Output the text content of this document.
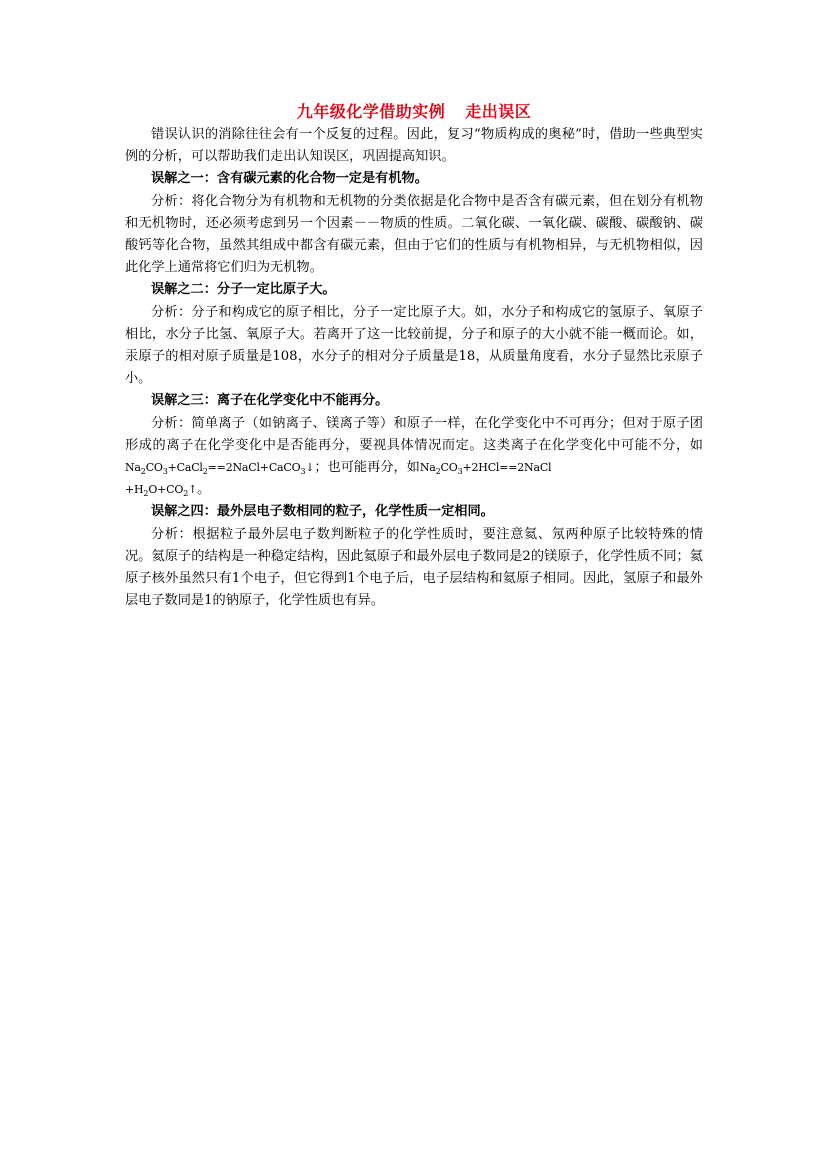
九年级化学借助实例 走出误区

错误认识的消除往往会有一个反复的过程。因此，复习“物质构成的奥秘”时，借助一些典型实例的分析，可以帮助我们走出认知误区，巩固提高知识。

误解之一：含有碳元素的化合物一定是有机物。

分析：将化合物分为有机物和无机物的分类依据是化合物中是否含有碳元素，但在划分有机物和无机物时，还必须考虑到另一个因素－－物质的性质。二氧化碳、一氧化碳、碳酸、碳酸钠、碳酸钙等化合物，虽然其组成中都含有碳元素，但由于它们的性质与有机物相异，与无机物相似，因此化学上通常将它们归为无机物。

误解之二：分子一定比原子大。

分析：分子和构成它的原子相比，分子一定比原子大。如，水分子和构成它的氢原子、氧原子相比，水分子比氢、氧原子大。若离开了这一比较前提，分子和原子的大小就不能一概而论。如，汞原子的相对原子质量是108，水分子的相对分子质量是18，从质量角度看，水分子显然比汞原子小。

误解之三：离子在化学变化中不能再分。

分析：简单离子（如钠离子、镁离子等）和原子一样，在化学变化中不可再分；但对于原子团形成的离子在化学变化中是否能再分，要视具体情况而定。这类离子在化学变化中可能不分，如$Na_2CO_3+CaCl_2==2NaCl+CaCO_3↓$；也可能再分，如$Na_2CO_3+2HCl==2NaCl$

$+H_2O+CO_2↑$。

误解之四：最外层电子数相同的粒子，化学性质一定相同。

分析：根据粒子最外层电子数判断粒子的化学性质时，要注意氦、氖两种原子比较特殊的情况。氦原子的结构是一种稳定结构，因此氦原子和最外层电子数同是2的镁原子，化学性质不同；氦原子核外虽然只有1个电子，但它得到1个电子后，电子层结构和氦原子相同。因此，氢原子和最外层电子数同是1的钠原子，化学性质也有异。
